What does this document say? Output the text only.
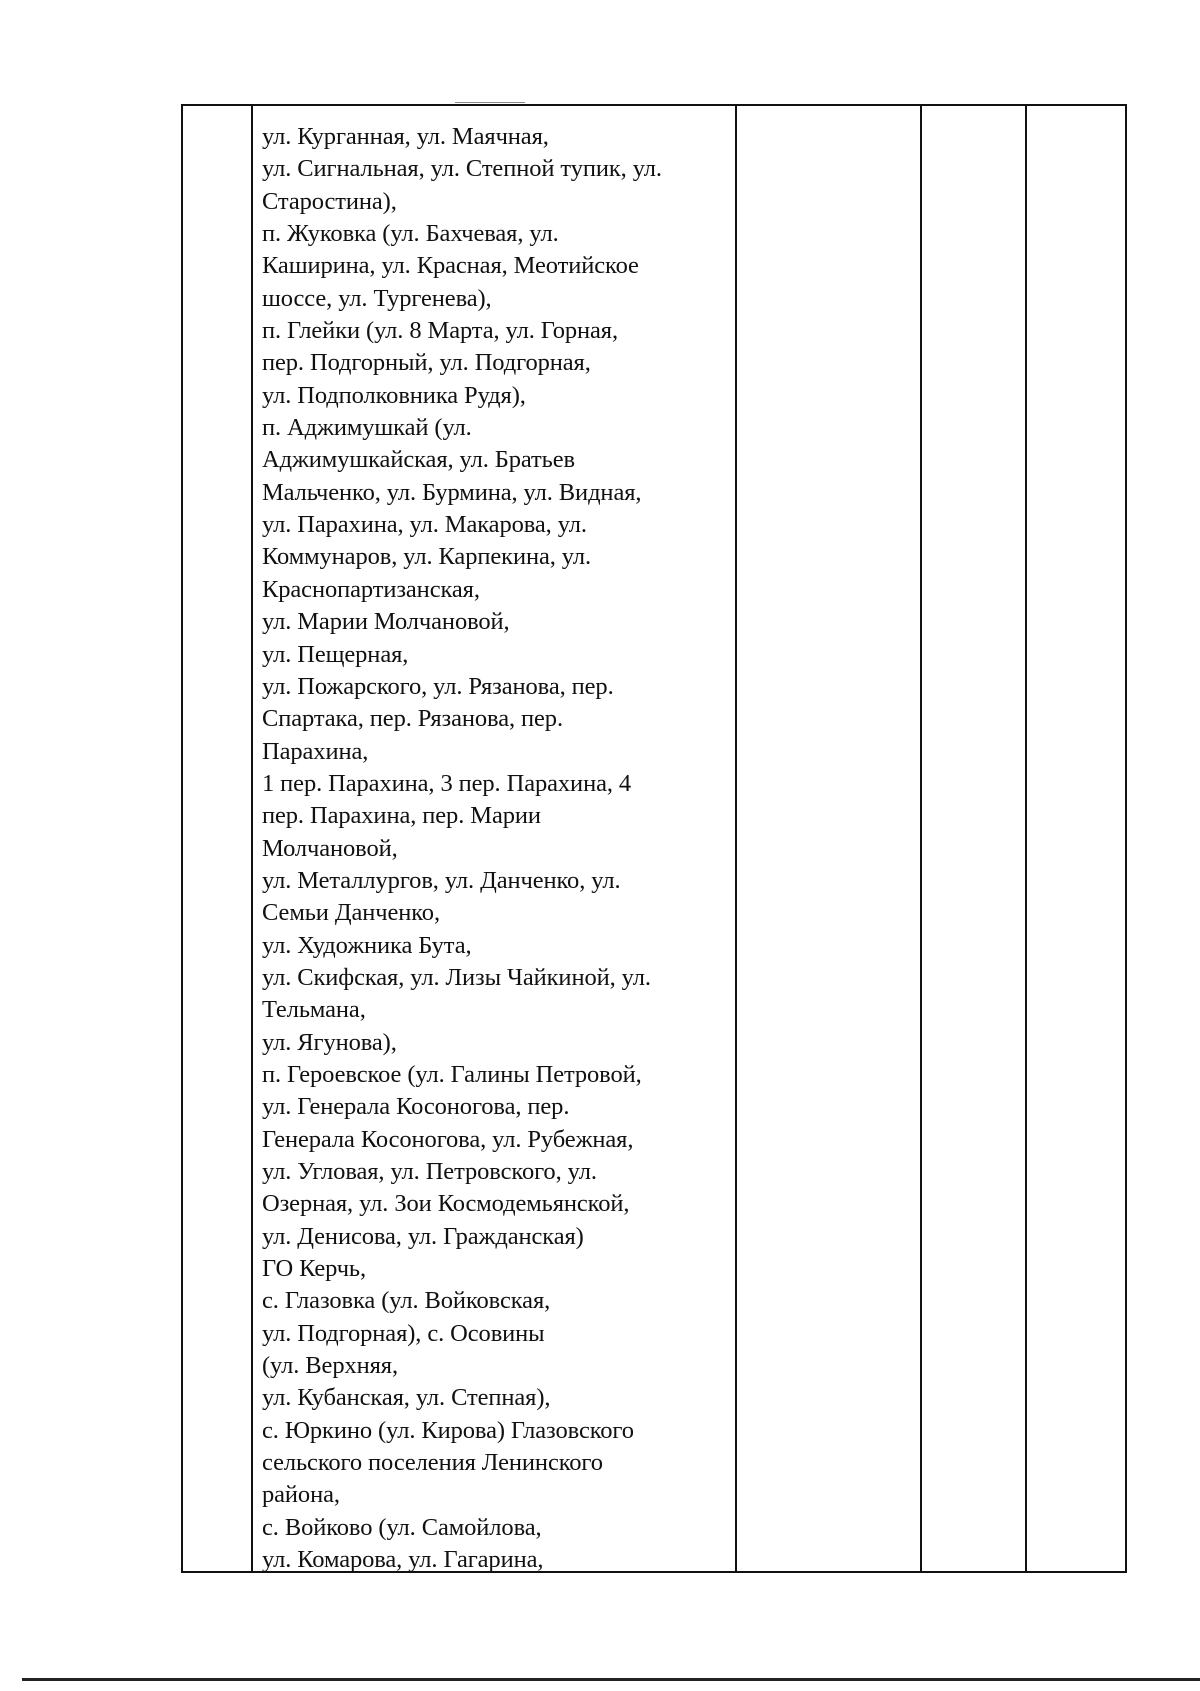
ул. Курганная, ул. Маячная,
ул. Сигнальная, ул. Степной тупик, ул.
Старостина),
п. Жуковка (ул. Бахчевая, ул.
Каширина, ул. Красная, Меотийское
шоссе, ул. Тургенева),
п. Глейки (ул. 8 Марта, ул. Горная,
пер. Подгорный, ул. Подгорная,
ул. Подполковника Рудя),
п. Аджимушкай (ул.
Аджимушкайская, ул. Братьев
Мальченко, ул. Бурмина, ул. Видная,
ул. Парахина, ул. Макарова, ул.
Коммунаров, ул. Карпекина, ул.
Краснопартизанская,
ул. Марии Молчановой,
ул. Пещерная,
ул. Пожарского, ул. Рязанова, пер.
Спартака, пер. Рязанова, пер.
Парахина,
1 пер. Парахина, 3 пер. Парахина, 4
пер. Парахина, пер. Марии
Молчановой,
ул. Металлургов, ул. Данченко, ул.
Семьи Данченко,
ул. Художника Бута,
ул. Скифская, ул. Лизы Чайкиной, ул.
Тельмана,
ул. Ягунова),
п. Героевское (ул. Галины Петровой,
ул. Генерала Косоногова, пер.
Генерала Косоногова, ул. Рубежная,
ул. Угловая, ул. Петровского, ул.
Озерная, ул. Зои Космодемьянской,
ул. Денисова, ул. Гражданская)
ГО Керчь,
с. Глазовка (ул. Войковская,
ул. Подгорная), с. Осовины
(ул. Верхняя,
ул. Кубанская, ул. Степная),
с. Юркино (ул. Кирова) Глазовского
сельского поселения Ленинского
района,
с. Войково (ул. Самойлова,
ул. Комарова, ул. Гагарина,
